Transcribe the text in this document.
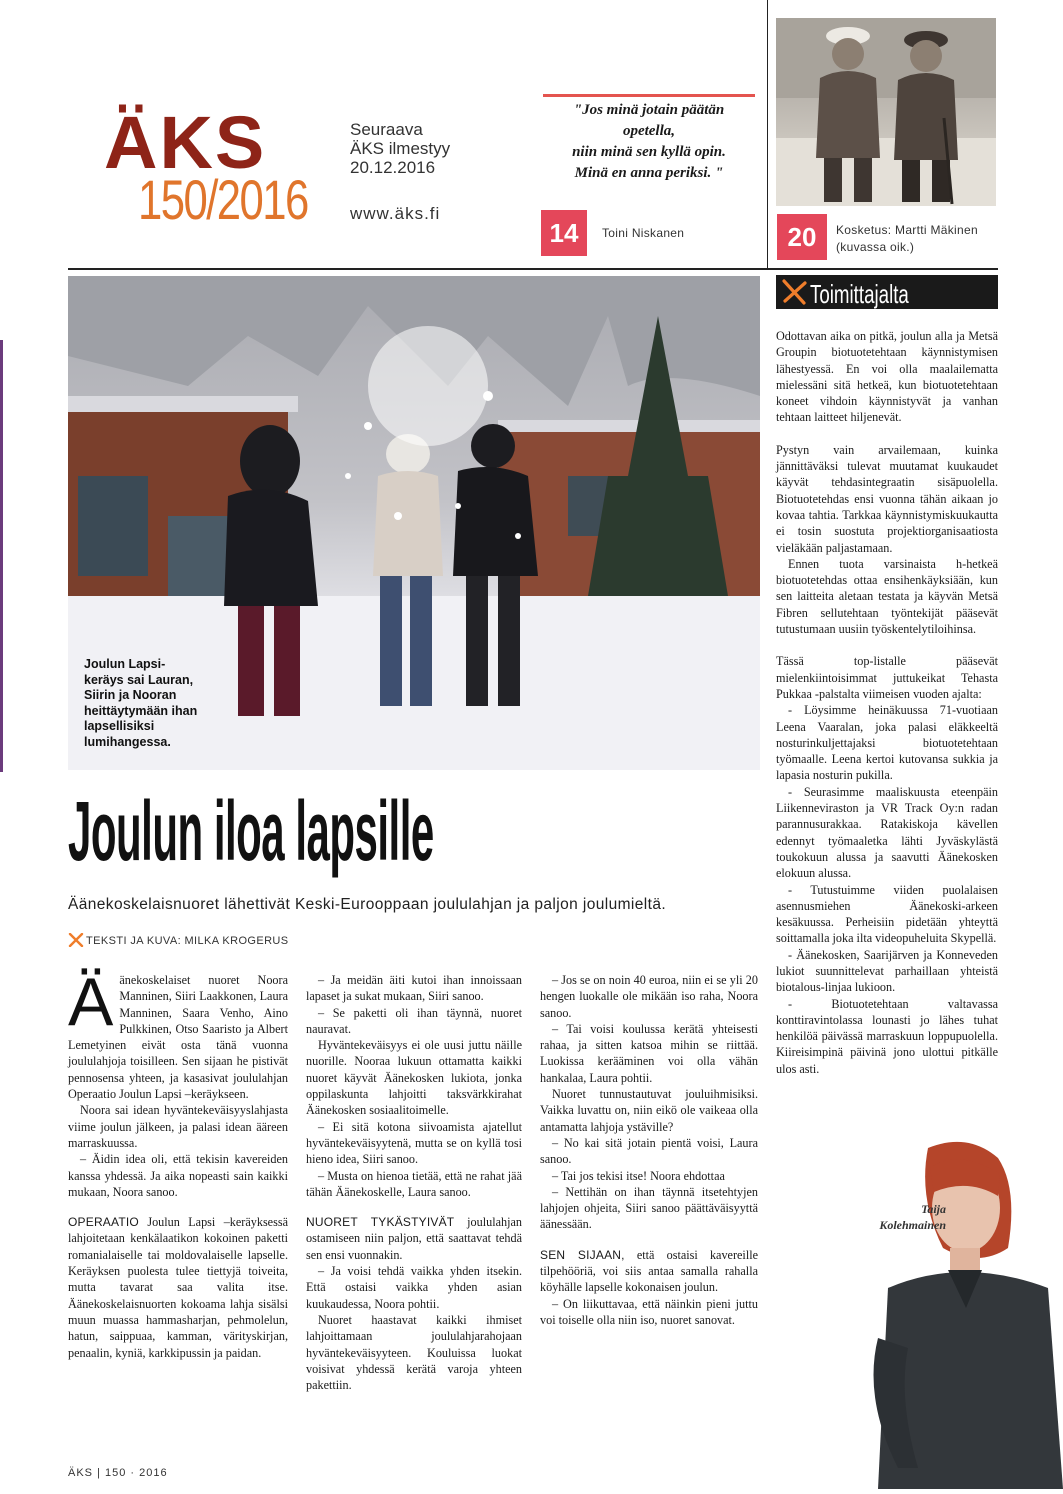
ÄKS
150/2016
Seuraava
ÄKS ilmestyy
20.12.2016
www.äks.fi
"Jos minä jotain päätän
opetella,
niin minä sen kyllä opin.
Minä en anna periksi. "
14	Toini Niskanen	20	Kosketus: Martti Mäkinen (kuvassa oik.)
Joulun Lapsi-keräys sai Lauran, Siirin ja Nooran heittäytymään ihan lapsellisiksi lumihangessa.
Joulun iloa lapsille
Äänekoskelaisnuoret lähettivät Keski-Eurooppaan joululahjan ja paljon joulumieltä.
TEKSTI JA KUVA: MILKA KROGERUS

Äänekoskelaiset nuoret Noora Manninen, Siiri Laakkonen, Laura Manninen, Saara Venho, Aino Pulkkinen, Otso Saaristo ja Albert Lemetyinen eivät osta tänä vuonna joululahjoja toisilleen. Sen sijaan he pistivät pennosensa yhteen, ja kasasivat joululahjan Operaatio Joulun Lapsi –keräykseen.

Noora sai idean hyväntekeväisyyslahjasta viime joulun jälkeen, ja palasi idean ääreen marraskuussa.

– Äidin idea oli, että tekisin kavereiden kanssa yhdessä. Ja aika nopeasti sain kaikki mukaan, Noora sanoo.

OPERAATIO Joulun Lapsi –keräyksessä lahjoitetaan kenkälaatikon kokoinen paketti romanialaiselle tai moldovalaiselle lapselle. Keräyksen puolesta tulee tiettyjä toiveita, mutta tavarat saa valita itse. Äänekoskelaisnuorten kokoama lahja sisälsi muun muassa hammasharjan, pehmolelun, hatun, saippuaa, kamman, värityskirjan, penaalin, kyniä, karkkipussin ja paidan.

– Ja meidän äiti kutoi ihan innoissaan lapaset ja sukat mukaan, Siiri sanoo.

– Se paketti oli ihan täynnä, nuoret nauravat.

Hyväntekeväisyys ei ole uusi juttu näille nuorille. Nooraa lukuun ottamatta kaikki nuoret käyvät Äänekosken lukiota, jonka oppilaskunta lahjoitti taksvärkkirahat Äänekosken sosiaalitoimelle.

– Ei sitä kotona siivoamista ajatellut hyväntekeväisyytenä, mutta se on kyllä tosi hieno idea, Siiri sanoo.

– Musta on hienoa tietää, että ne rahat jää tähän Äänekoskelle, Laura sanoo.

NUORET TYKÄSTYIVÄT joululahjan ostamiseen niin paljon, että saattavat tehdä sen ensi vuonnakin.

– Ja voisi tehdä vaikka yhden itsekin. Että ostaisi vaikka yhden asian kuukaudessa, Noora pohtii.

Nuoret haastavat kaikki ihmiset lahjoittamaan joululahjarahojaan hyväntekeväisyyteen. Kouluissa luokat voisivat yhdessä kerätä varoja yhteen pakettiin.

– Jos se on noin 40 euroa, niin ei se yli 20 hengen luokalle ole mikään iso raha, Noora sanoo.

– Tai voisi koulussa kerätä yhteisesti rahaa, ja sitten katsoa mihin se riittää. Luokissa kerääminen voi olla vähän hankalaa, Laura pohtii.

Nuoret tunnustautuvat jouluihmisiksi. Vaikka luvattu on, niin eikö ole vaikeaa olla antamatta lahjoja ystäville?

– No kai sitä jotain pientä voisi, Laura sanoo.

– Tai jos tekisi itse! Noora ehdottaa

– Nettihän on ihan täynnä itsetehtyjen lahjojen ohjeita, Siiri sanoo päättäväisyyttä äänessään.

SEN SIJAAN, että ostaisi kavereille tilpehööriä, voi siis antaa samalla rahalla köyhälle lapselle kokonaisen joulun.

– On liikuttavaa, että näinkin pieni juttu voi toiselle olla niin iso, nuoret sanovat.

Toimittajalta

Odottavan aika on pitkä, joulun alla ja Metsä Groupin biotuotetehtaan käynnistymisen lähestyessä. En voi olla maalailematta mielessäni sitä hetkeä, kun biotuotetehtaan koneet vihdoin käynnistyvät ja vanhan tehtaan laitteet hiljenevät.

Pystyn vain arvailemaan, kuinka jännittäväksi tulevat muutamat kuukaudet käyvät tehdasintegraatin sisäpuolella. Biotuotetehdas ensi vuonna tähän aikaan jo kovaa tahtia. Tarkkaa käynnistymiskuukautta ei tosin suostuta projektiorganisaatiosta vieläkään paljastamaan.

Ennen tuota varsinaista h-hetkeä biotuotetehdas ottaa ensihenkäyksiään, kun sen laitteita aletaan testata ja käyvän Metsä Fibren sellutehtaan työntekijät pääsevät tutustumaan uusiin työskentelytiloihinsa.

Tässä top-listalle pääsevät mielenkiintoisimmat juttukeikat Tehasta Pukkaa -palstalta viimeisen vuoden ajalta:

- Löysimme heinäkuussa 71-vuotiaan Leena Vaaralan, joka palasi eläkkeeltä nosturinkuljettajaksi biotuotetehtaan työmaalle. Leena kertoi kutovansa sukkia ja lapasia nosturin pukilla.

- Seurasimme maaliskuusta eteenpäin Liikenneviraston ja VR Track Oy:n radan parannusurakkaa. Ratakiskoja kävellen edennyt työmaaletka lähti Jyväskylästä toukokuun alussa ja saavutti Äänekosken elokuun alussa.

- Tutustuimme viiden puolalaisen asennusmiehen Äänekoski-arkeen kesäkuussa. Perheisiin pidetään yhteyttä soittamalla joka ilta videopuheluita Skypellä.

- Äänekosken, Saarijärven ja Konneveden lukiot suunnittelevat parhaillaan yhteistä biotalous-linjaa lukioon.

- Biotuotetehtaan valtavassa konttiravintolassa lounasti jo lähes tuhat henkilöä päivässä marraskuun loppupuolella. Kiireisimpinä päivinä jono ulottui pitkälle ulos asti.

Taija
Kolehmainen
ÄKS | 150 · 2016
